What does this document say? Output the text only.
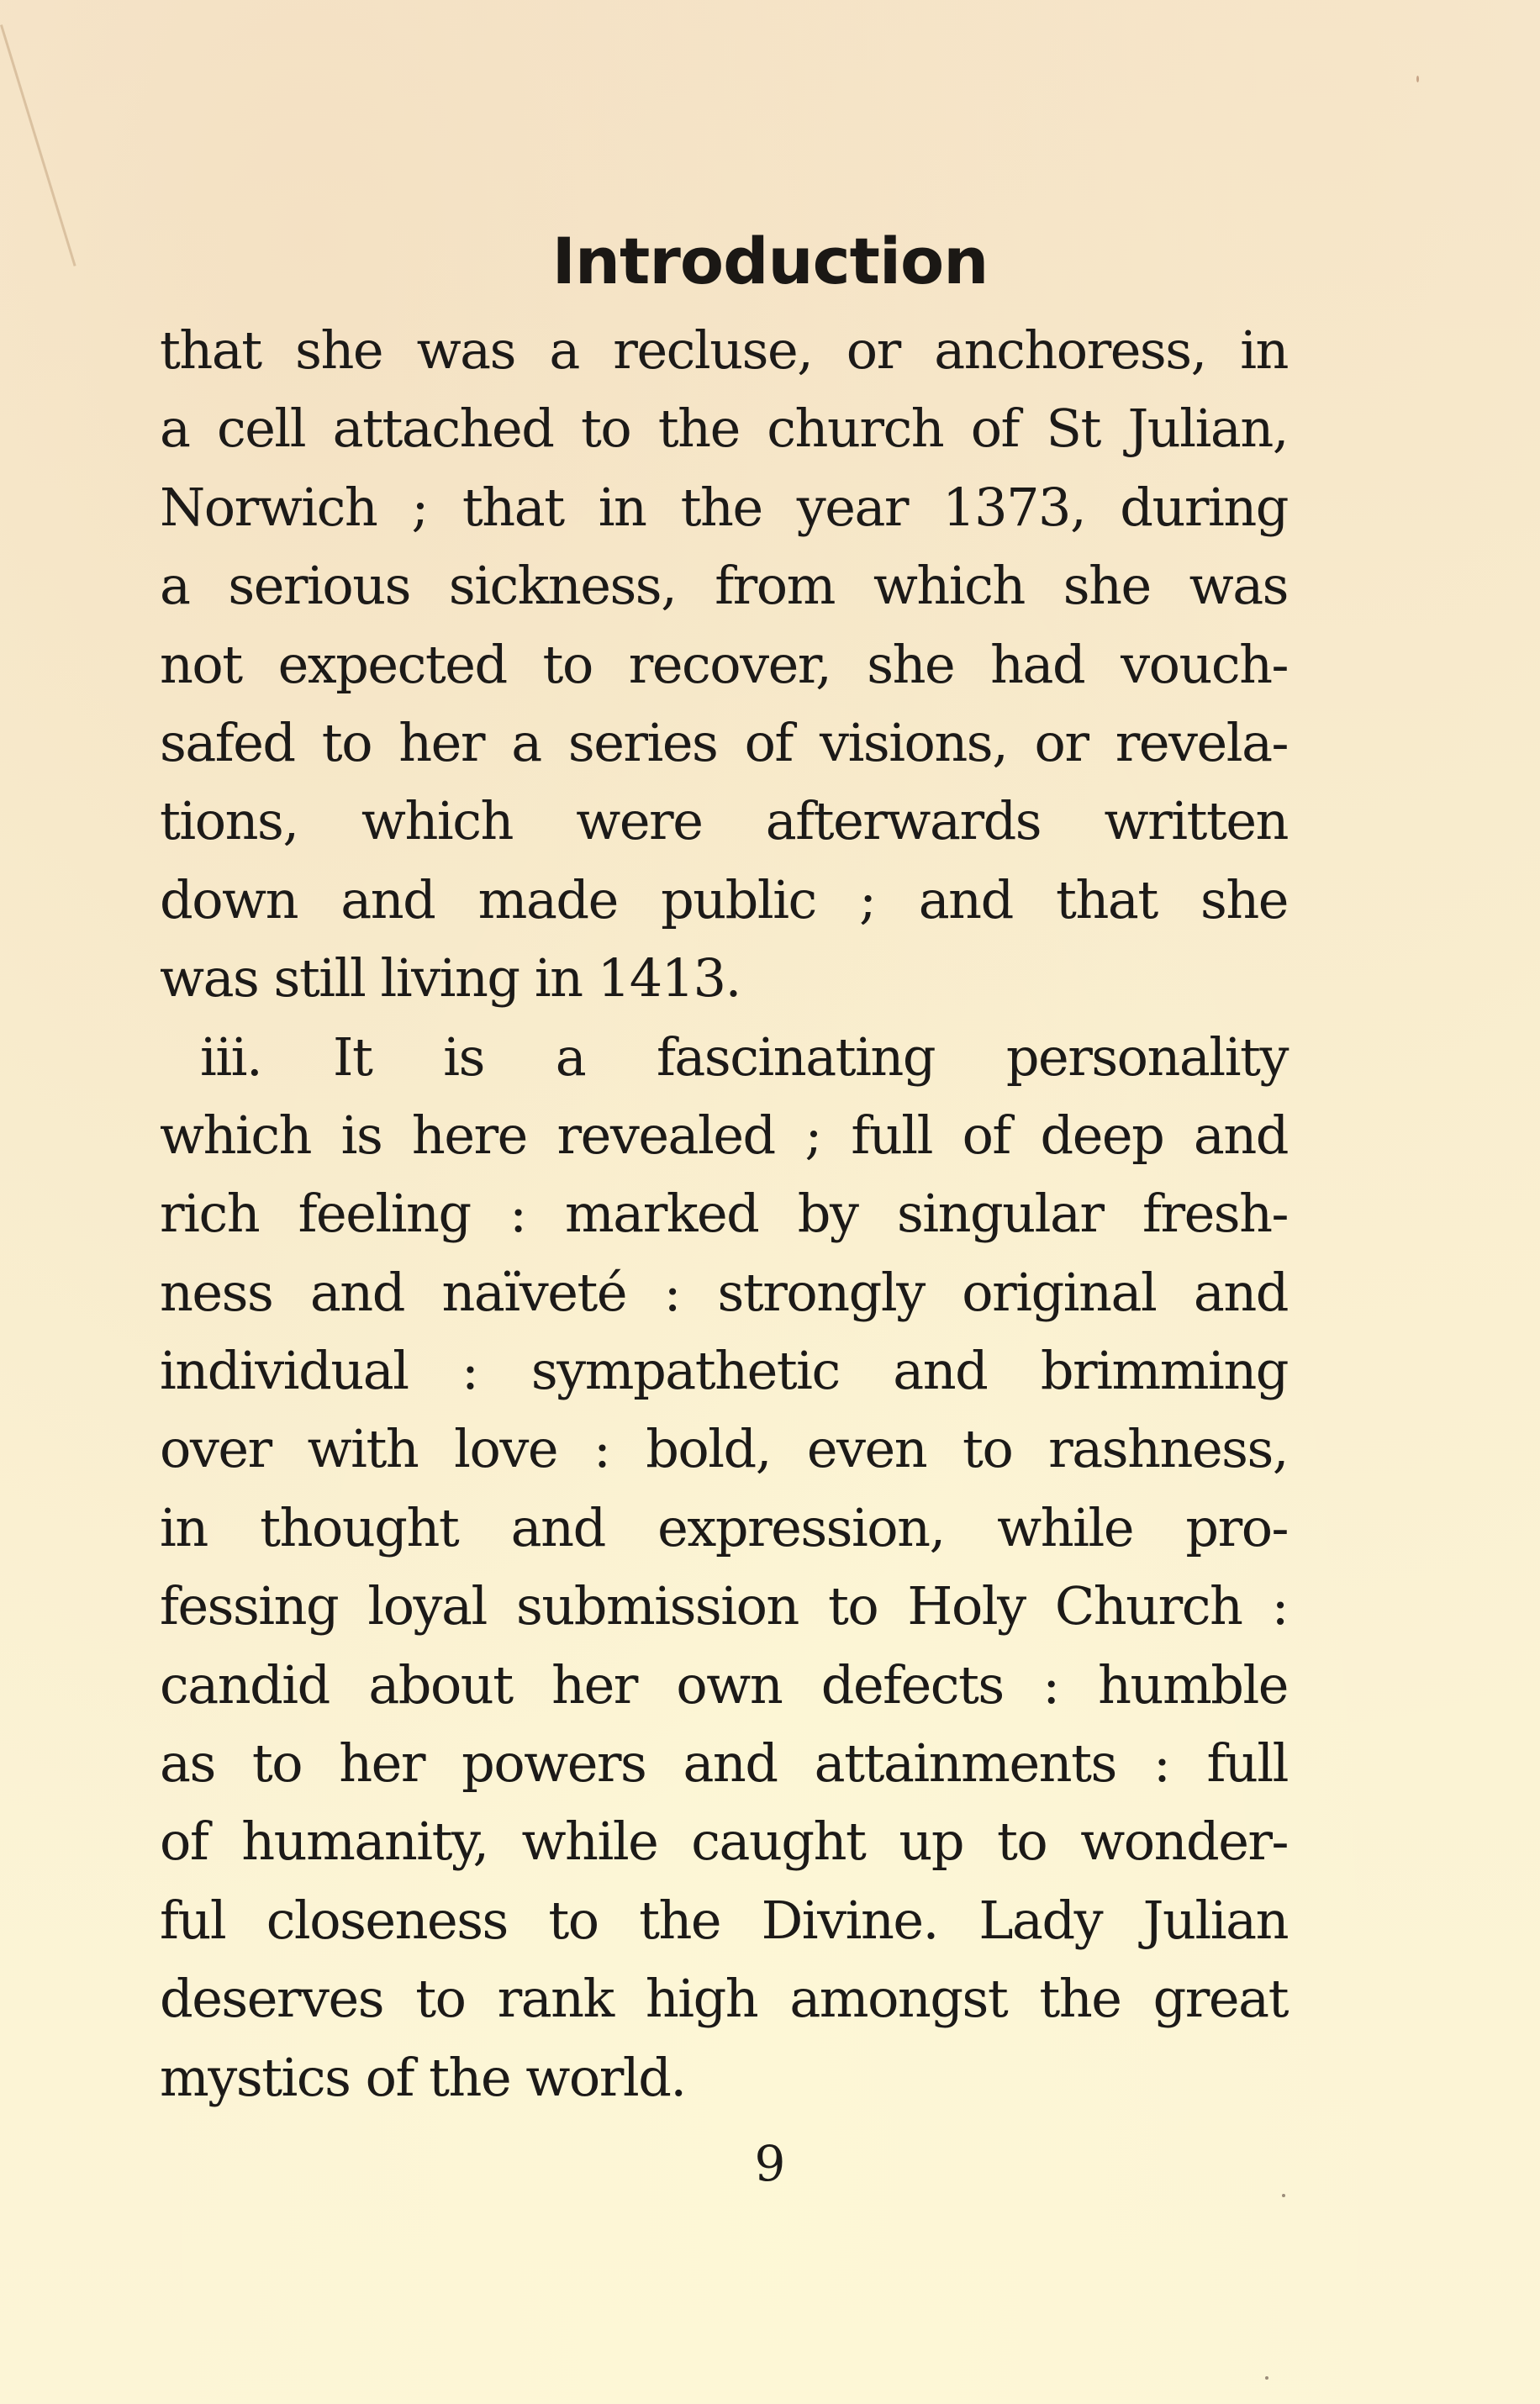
Introduction
that she was a recluse, or anchoress, in
a cell attached to the church of St Julian,
Norwich ; that in the year 1373, during
a serious sickness, from which she was
not expected to recover, she had vouch-
safed to her a series of visions, or revela-
tions, which were afterwards written
down and made public ; and that she
was still living in 1413.
iii. It is a fascinating personality
which is here revealed ; full of deep and
rich feeling : marked by singular fresh-
ness and naïveté : strongly original and
individual : sympathetic and brimming
over with love : bold, even to rashness,
in thought and expression, while pro-
fessing loyal submission to Holy Church :
candid about her own defects : humble
as to her powers and attainments : full
of humanity, while caught up to wonder-
ful closeness to the Divine. Lady Julian
deserves to rank high amongst the great
mystics of the world.
9
